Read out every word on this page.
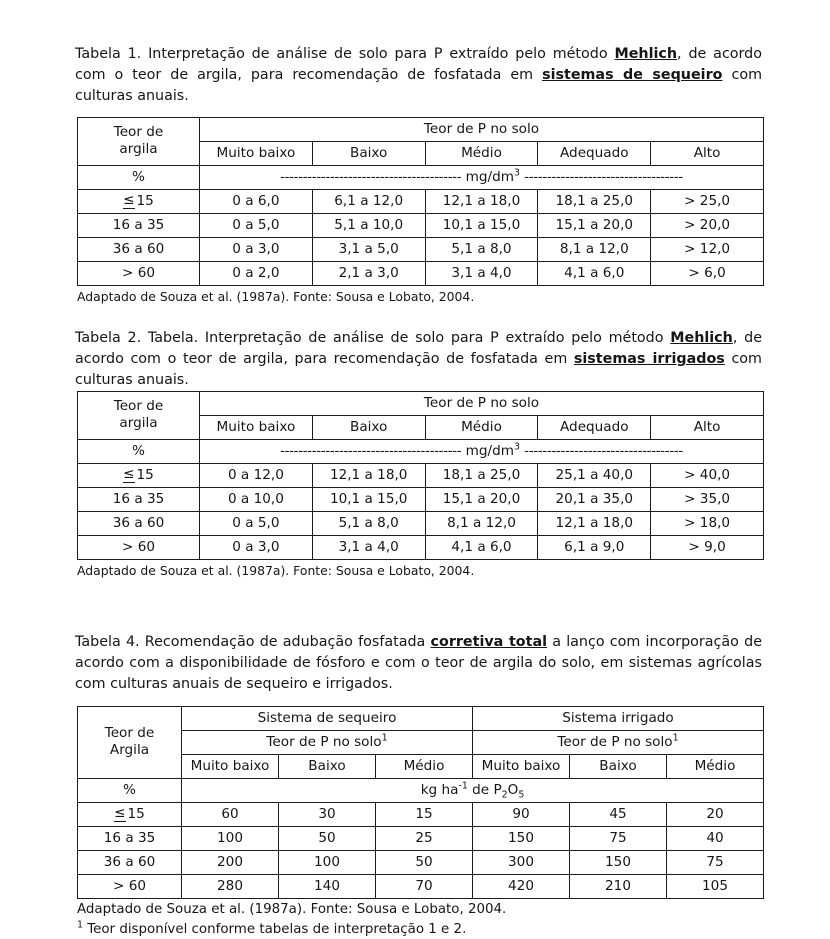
Tabela 1. Interpretação de análise de solo para P extraído pelo método Mehlich, de acordo com o teor de argila, para recomendação de fosfatada em sistemas de sequeiro com culturas anuais.

Teor de
argila	Teor de P no solo				
	Muito baixo	Baixo	Médio	Adequado	Alto
%	---------------------------------------- $mg/dm^3$ -----------------------------------				
≤ 15	0 a 6,0	6,1 a 12,0	12,1 a 18,0	18,1 a 25,0	> 25,0
16 a 35	0 a 5,0	5,1 a 10,0	10,1 a 15,0	15,1 a 20,0	> 20,0
36 a 60	0 a 3,0	3,1 a 5,0	5,1 a 8,0	8,1 a 12,0	> 12,0
> 60	0 a 2,0	2,1 a 3,0	3,1 a 4,0	4,1 a 6,0	> 6,0

Adaptado de Souza et al. (1987a). Fonte: Sousa e Lobato, 2004.

Tabela 2. Tabela. Interpretação de análise de solo para P extraído pelo método Mehlich, de acordo com o teor de argila, para recomendação de fosfatada em sistemas irrigados com culturas anuais.

Teor de
argila	Teor de P no solo				
	Muito baixo	Baixo	Médio	Adequado	Alto
%	---------------------------------------- $mg/dm^3$ -----------------------------------				
≤ 15	0 a 12,0	12,1 a 18,0	18,1 a 25,0	25,1 a 40,0	> 40,0
16 a 35	0 a 10,0	10,1 a 15,0	15,1 a 20,0	20,1 a 35,0	> 35,0
36 a 60	0 a 5,0	5,1 a 8,0	8,1 a 12,0	12,1 a 18,0	> 18,0
> 60	0 a 3,0	3,1 a 4,0	4,1 a 6,0	6,1 a 9,0	> 9,0

Adaptado de Souza et al. (1987a). Fonte: Sousa e Lobato, 2004.

Tabela 4. Recomendação de adubação fosfatada corretiva total a lanço com incorporação de acordo com a disponibilidade de fósforo e com o teor de argila do solo, em sistemas agrícolas com culturas anuais de sequeiro e irrigados.

Teor de
Argila	Sistema de sequeiro			Sistema irrigado		
	Teor de P no solo$^1$			Teor de P no solo$^1$
	Muito baixo	Baixo	Médio	Muito baixo	Baixo	Médio
%	kg $ha^{-1}$ de $P_2O_5$
≤ 15	60	30	15	90	45	20
16 a 35	100	50	25	150	75	40
36 a 60	200	100	50	300	150	75
> 60	280	140	70	420	210	105

Adaptado de Souza et al. (1987a). Fonte: Sousa e Lobato, 2004.

$^1$ Teor disponível conforme tabelas de interpretação 1 e 2.
